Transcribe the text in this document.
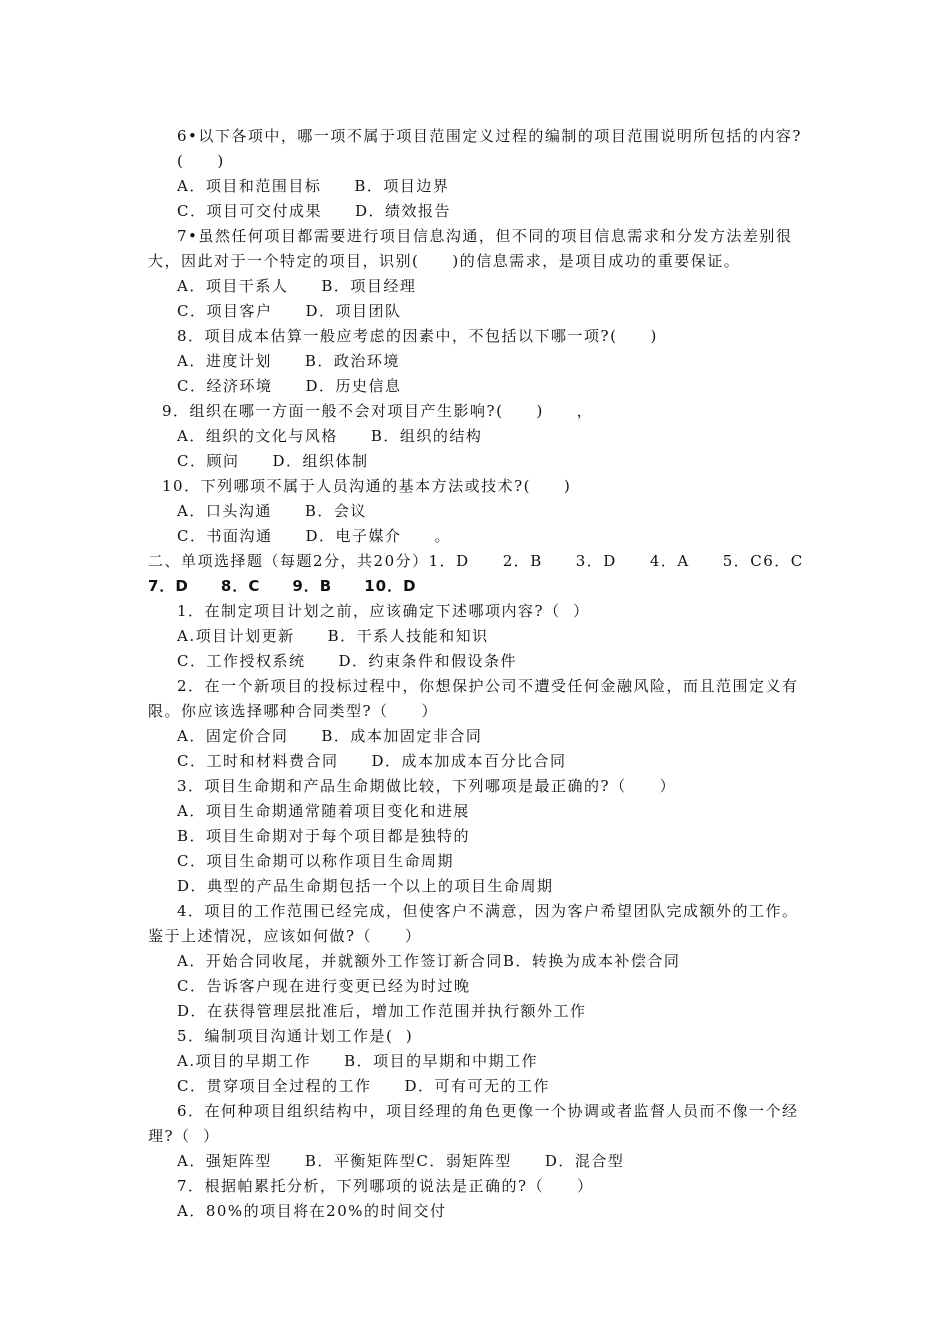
6•以下各项中，哪一项不属于项目范围定义过程的编制的项目范围说明所包括的内容?
(　　)
A．项目和范围目标　　B．项目边界
C．项目可交付成果　　D．绩效报告
7•虽然任何项目都需要进行项目信息沟通，但不同的项目信息需求和分发方法差别很
大，因此对于一个特定的项目，识别(　　)的信息需求，是项目成功的重要保证。
A．项目干系人　　B．项目经理
C．项目客户　　D．项目团队
8．项目成本估算一般应考虑的因素中，不包括以下哪一项?(　　)
A．进度计划　　B．政治环境
C．经济环境　　D．历史信息
9．组织在哪一方面一般不会对项目产生影响?(　　)　　，
A．组织的文化与风格　　B．组织的结构
C．顾问　　D．组织体制
10．下列哪项不属于人员沟通的基本方法或技术?(　　)
A．口头沟通　　B．会议
C．书面沟通　　D．电子媒介　　。
二、单项选择题（每题2分，共20分）1．D　　2．B　　3．D　　4．A　　5．C6．C
7．D　　8．C　　9．B　　10．D
1．在制定项目计划之前，应该确定下述哪项内容?（  ）
A.项目计划更新　　B．干系人技能和知识
C．工作授权系统　　D．约束条件和假设条件
2．在一个新项目的投标过程中，你想保护公司不遭受任何金融风险，而且范围定义有
限。你应该选择哪种合同类型?（　　）
A．固定价合同　　B．成本加固定非合同
C．工时和材料费合同　　D．成本加成本百分比合同
3．项目生命期和产品生命期做比较，下列哪项是最正确的?（　　）
A．项目生命期通常随着项目变化和进展
B．项目生命期对于每个项目都是独特的
C．项目生命期可以称作项目生命周期
D．典型的产品生命期包括一个以上的项目生命周期
4．项目的工作范围已经完成，但使客户不满意，因为客户希望团队完成额外的工作。
鉴于上述情况，应该如何做?（　　）
A．开始合同收尾，并就额外工作签订新合同B．转换为成本补偿合同
C．告诉客户现在进行变更已经为时过晚
D．在获得管理层批准后，增加工作范围并执行额外工作
5．编制项目沟通计划工作是(  )
A.项目的早期工作　　B．项目的早期和中期工作
C．贯穿项目全过程的工作　　D．可有可无的工作
6．在何种项目组织结构中，项目经理的角色更像一个协调或者监督人员而不像一个经
理?（  ）
A．强矩阵型　　B．平衡矩阵型C．弱矩阵型　　D．混合型
7．根据帕累托分析，下列哪项的说法是正确的?（　　）
A．80%的项目将在20%的时间交付
